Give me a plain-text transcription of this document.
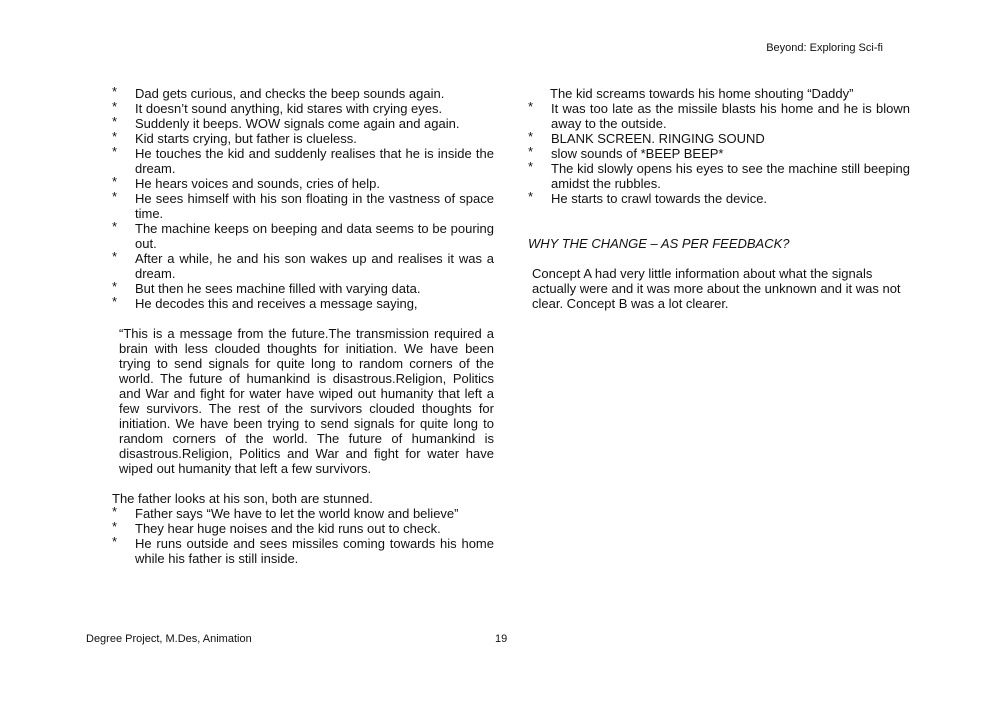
Beyond: Exploring Sci-fi
* Dad gets curious, and checks the beep sounds again.
* It doesn’t sound anything, kid stares with crying eyes.
* Suddenly it beeps. WOW signals come again and again.
* Kid starts crying, but father is clueless.
* He touches the kid and suddenly realises that he is inside the dream.
* He hears voices and sounds, cries of help.
* He sees himself with his son floating in the vastness of space time.
* The machine keeps on beeping and data seems to be pouring out.
* After a while, he and his son wakes up and realises it was a dream.
* But then he sees machine filled with varying data.
* He decodes this and receives a message saying,
“This is a message from the future.The transmission required a brain with less clouded thoughts for initiation. We have been trying to send signals for quite long to random corners of the world. The future of humankind is disastrous.Religion, Politics and War and fight for water have wiped out humanity that left a few survivors. The rest of the survivors clouded thoughts for initiation. We have been trying to send signals for quite long to random corners of the world. The future of humankind is disastrous.Religion, Politics and War and fight for water have wiped out humanity that left a few survivors.
The father looks at his son, both are stunned.
* Father says “We have to let the world know and believe”
* They hear huge noises and the kid runs out to check.
* He runs outside and sees missiles coming towards his home while his father is still inside.
The kid screams towards his home shouting “Daddy”
* It was too late as the missile blasts his home and he is blown away to the outside.
* BLANK SCREEN. RINGING SOUND
* slow sounds of *BEEP BEEP*
* The kid slowly opens his eyes to see the machine still beeping amidst the rubbles.
* He starts to crawl towards the device.
WHY THE CHANGE – AS PER FEEDBACK?
Concept A had very little information about what the signals actually were and it was more about the unknown and it was not clear. Concept B was a lot clearer.
Degree Project, M.Des, Animation	19
